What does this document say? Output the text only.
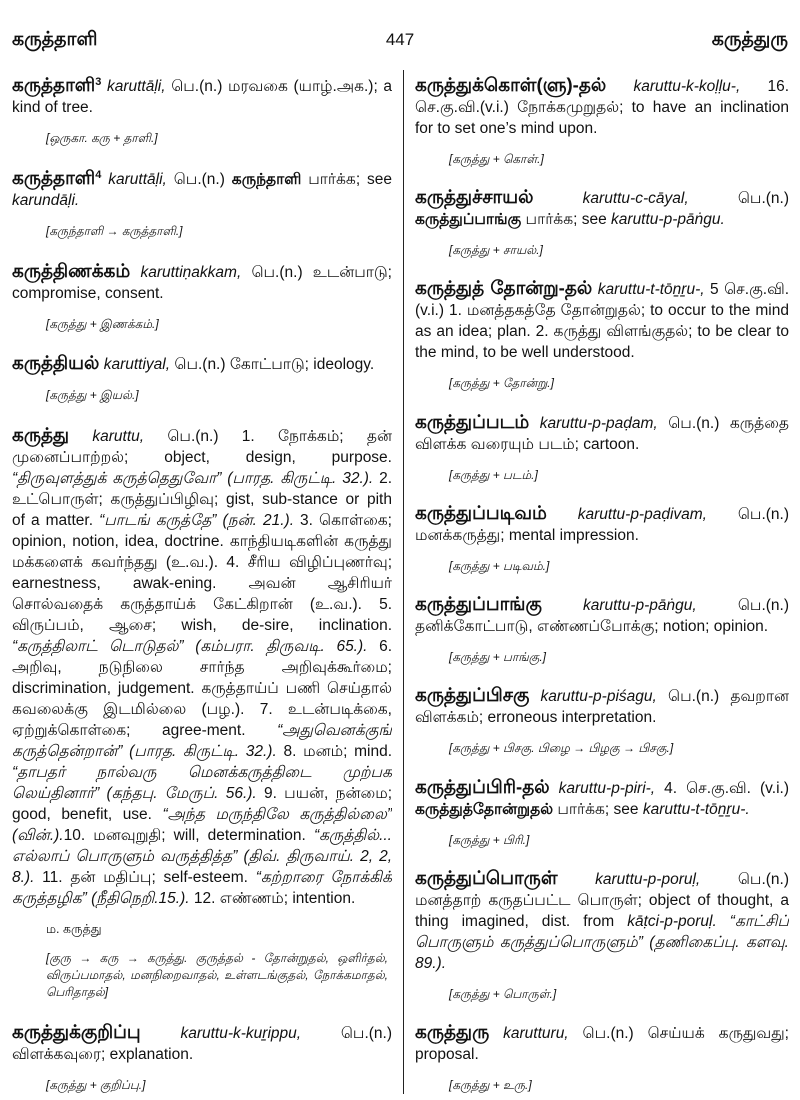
கருத்தாளி	447	கருத்துரு

கருத்தாளி$^3$ karuttāḷi, பெ.(n.) மரவகை (யாழ்.அக.); a kind of tree.

[ஒருகா. கரு + தாளி.]

கருத்தாளி$^4$ karuttāḷi, பெ.(n.) கருந்தாளி பார்க்க; see karundāḷi.

[கருந்தாளி → கருத்தாளி.]

கருத்திணக்கம் karuttiṇakkam, பெ.(n.) உடன்பாடு; compromise, consent.

[கருத்து + இணக்கம்.]

கருத்தியல் karuttiyal, பெ.(n.) கோட்பாடு; ideology.

[கருத்து + இயல்.]

கருத்து karuttu, பெ.(n.) 1. நோக்கம்; தன் முனைப்பாற்றல்; object, design, purpose. “திருவுளத்துக் கருத்தெதுவோ” (பாரத. கிருட்டி. 32.). 2. உட்பொருள்; கருத்துப்பிழிவு; gist, sub-stance or pith of a matter. “பாடங் கருத்தே” (நன். 21.). 3. கொள்கை; opinion, notion, idea, doctrine. காந்தியடிகளின் கருத்து மக்களைக் கவர்ந்தது (உ.வ.). 4. சீரிய விழிப்புணர்வு; earnestness, awak-ening. அவன் ஆசிரியர் சொல்வதைக் கருத்தாய்க் கேட்கிறான் (உ.வ.). 5. விருப்பம், ஆசை; wish, de-sire, inclination. “கருத்திலாட் டொடுதல்” (கம்பரா. திருவடி. 65.). 6. அறிவு, நடுநிலை சார்ந்த அறிவுக்கூர்மை; discrimination, judgement. கருத்தாய்ப் பணி செய்தால் கவலைக்கு இடமில்லை (பழ.). 7. உடன்படிக்கை, ஏற்றுக்கொள்கை; agree-ment. “அதுவெனக்குங் கருத்தென்றான்” (பாரத. கிருட்டி. 32.). 8. மனம்; mind. “தாபதர் நால்வரு மெனக்கருத்திடை முற்பக லெய்தினார்” (கந்தபு. மேருப். 56.). 9. பயன், நன்மை; good, benefit, use. “அந்த மருந்திலே கருத்தில்லை” (வின்.).10. மனவுறுதி; will, determination. “கருத்தில்... எல்லாப் பொருளும் வருத்தித்த” (திவ். திருவாய். 2, 2, 8.). 11. தன் மதிப்பு; self-esteem. “கற்றாரை நோக்கிக் கருத்தழிக” (நீதிநெறி.15.). 12. எண்ணம்; intention.

ம. கருத்து
[குரு → கரு → கருத்து. குருத்தல் - தோன்றுதல், ஒளிர்தல், விருப்பமாதல், மனநிறைவாதல், உள்ளடங்குதல், நோக்கமாதல், பெரிதாதல்]

கருத்துக்குறிப்பு	karuttu-k-kuṟippu,	பெ.(n.) விளக்கவுரை; explanation.

[கருத்து + குறிப்பு.]

கருத்துக்கொள்(ளு)-தல் karuttu-k-koḷḷu-, 16. செ.கு.வி.(v.i.) நோக்கமுறுதல்; to have an inclination for to set one’s mind upon.

[கருத்து + கொள்.]

கருத்துச்சாயல்	karuttu-c-cāyal,	பெ.(n.) கருத்துப்பாங்கு பார்க்க; see karuttu-p-pāṅgu.

[கருத்து + சாயல்.]

கருத்துத் தோன்று-தல் karuttu-t-tōṉṟu-, 5 செ.கு.வி. (v.i.) 1. மனத்தகத்தே தோன்றுதல்; to occur to the mind as an idea; plan. 2. கருத்து விளங்குதல்; to be clear to the mind, to be well understood.

[கருத்து + தோன்று.]

கருத்துப்படம் karuttu-p-paḍam, பெ.(n.) கருத்தை விளக்க வரையும் படம்; cartoon.

[கருத்து + படம்.]

கருத்துப்படிவம் karuttu-p-paḍivam, பெ.(n.) மனக்கருத்து; mental impression.

[கருத்து + படிவம்.]

கருத்துப்பாங்கு	karuttu-p-pāṅgu,	பெ.(n.) தனிக்கோட்பாடு, எண்ணப்போக்கு; notion; opinion.

[கருத்து + பாங்கு.]

கருத்துப்பிசகு karuttu-p-piśagu, பெ.(n.) தவறான விளக்கம்; erroneous interpretation.

[கருத்து + பிசகு. பிழை → பிழகு → பிசகு.]

கருத்துப்பிரி-தல் karuttu-p-piri-, 4. செ.கு.வி. (v.i.) கருத்துத்தோன்றுதல் பார்க்க; see karuttu-t-tōṉṟu-.

[கருத்து + பிரி.]

கருத்துப்பொருள் karuttu-p-poruḷ, பெ.(n.) மனத்தாற் கருதப்பட்ட பொருள்; object of thought, a thing imagined, dist. from kāṭci-p-poruḷ. “காட்சிப் பொருளும் கருத்துப்பொருளும்” (தணிகைப்பு. களவு. 89.).

[கருத்து + பொருள்.]

கருத்துரு karutturu, பெ.(n.) செய்யக் கருதுவது; proposal.

[கருத்து + உரு.]
